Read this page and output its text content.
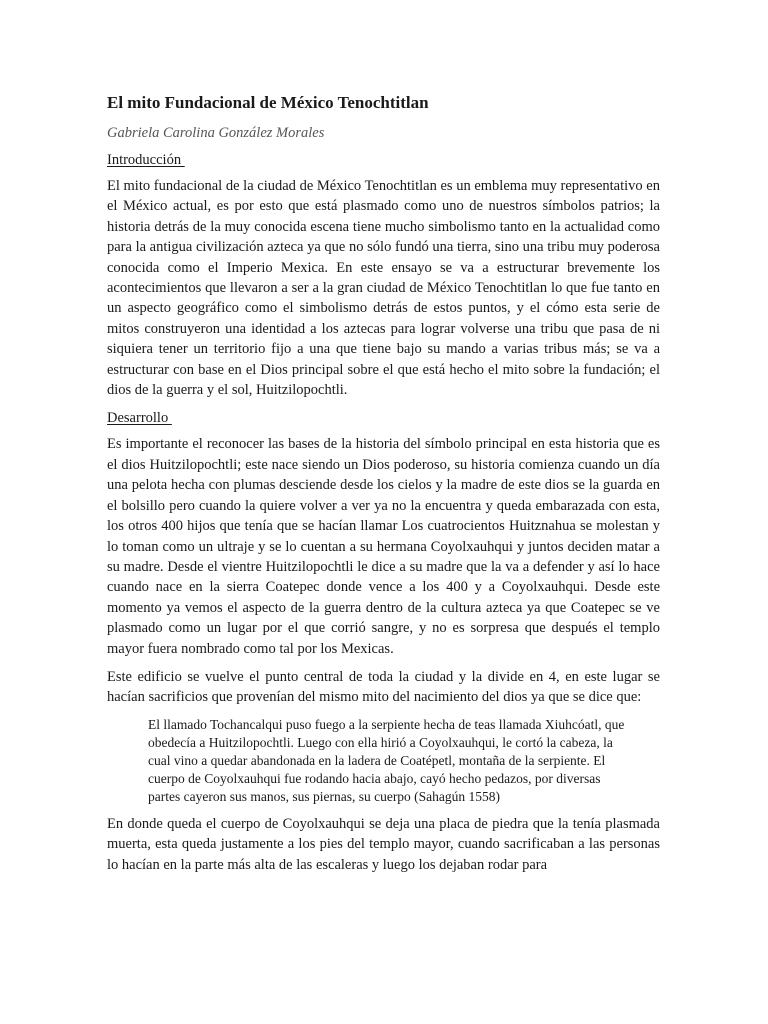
El mito Fundacional de México Tenochtitlan
Gabriela Carolina González Morales
Introducción

El mito fundacional de la ciudad de México Tenochtitlan es un emblema muy representativo en el México actual, es por esto que está plasmado como uno de nuestros símbolos patrios; la historia detrás de la muy conocida escena tiene mucho simbolismo tanto en la actualidad como para la antigua civilización azteca ya que no sólo fundó una tierra, sino una tribu muy poderosa conocida como el Imperio Mexica. En este ensayo se va a estructurar brevemente los acontecimientos que llevaron a ser a la gran ciudad de México Tenochtitlan lo que fue tanto en un aspecto geográfico como el simbolismo detrás de estos puntos, y el cómo esta serie de mitos construyeron una identidad a los aztecas para lograr volverse una tribu que pasa de ni siquiera tener un territorio fijo a una que tiene bajo su mando a varias tribus más; se va a estructurar con base en el Dios principal sobre el que está hecho el mito sobre la fundación; el dios de la guerra y el sol, Huitzilopochtli.

Desarrollo

Es importante el reconocer las bases de la historia del símbolo principal en esta historia que es el dios Huitzilopochtli; este nace siendo un Dios poderoso, su historia comienza cuando un día una pelota hecha con plumas desciende desde los cielos y la madre de este dios se la guarda en el bolsillo pero cuando la quiere volver a ver ya no la encuentra y queda embarazada con esta, los otros 400 hijos que tenía que se hacían llamar Los cuatrocientos Huitznahua se molestan y lo toman como un ultraje y se lo cuentan a su hermana Coyolxauhqui y juntos deciden matar a su madre. Desde el vientre Huitzilopochtli le dice a su madre que la va a defender y así lo hace cuando nace en la sierra Coatepec donde vence a los 400 y a Coyolxauhqui. Desde este momento ya vemos el aspecto de la guerra dentro de la cultura azteca ya que Coatepec se ve plasmado como un lugar por el que corrió sangre, y no es sorpresa que después el templo mayor fuera nombrado como tal por los Mexicas.

Este edificio se vuelve el punto central de toda la ciudad y la divide en 4, en este lugar se hacían sacrificios que provenían del mismo mito del nacimiento del dios ya que se dice que:

El llamado Tochancalqui puso fuego a la serpiente hecha de teas llamada Xiuhcóatl, que obedecía a Huitzilopochtli. Luego con ella hirió a Coyolxauhqui, le cortó la cabeza, la cual vino a quedar abandonada en la ladera de Coatépetl, montaña de la serpiente. El cuerpo de Coyolxauhqui fue rodando hacia abajo, cayó hecho pedazos, por diversas partes cayeron sus manos, sus piernas, su cuerpo (Sahagún 1558)

En donde queda el cuerpo de Coyolxauhqui se deja una placa de piedra que la tenía plasmada muerta, esta queda justamente a los pies del templo mayor, cuando sacrificaban a las personas lo hacían en la parte más alta de las escaleras y luego los dejaban rodar para
